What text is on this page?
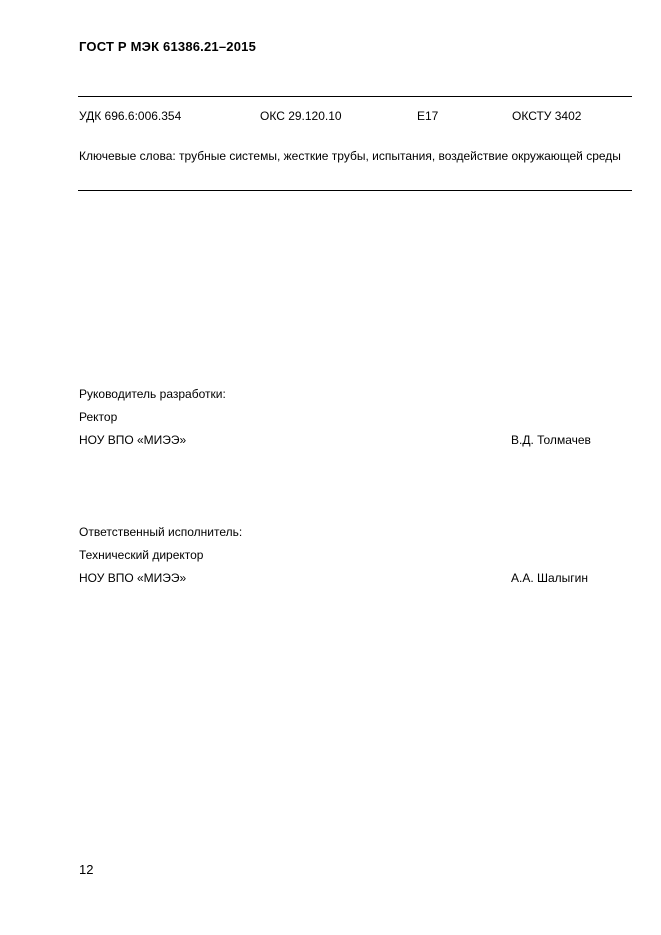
ГОСТ Р МЭК 61386.21–2015
УДК 696.6:006.354	ОКС 29.120.10	Е17	ОКСТУ 3402
Ключевые слова: трубные системы, жесткие трубы, испытания, воздействие окружающей среды
Руководитель разработки:
Ректор
НОУ ВПО «МИЭЭ»	В.Д. Толмачев
Ответственный исполнитель:
Технический директор
НОУ ВПО «МИЭЭ»	А.А. Шалыгин
12
